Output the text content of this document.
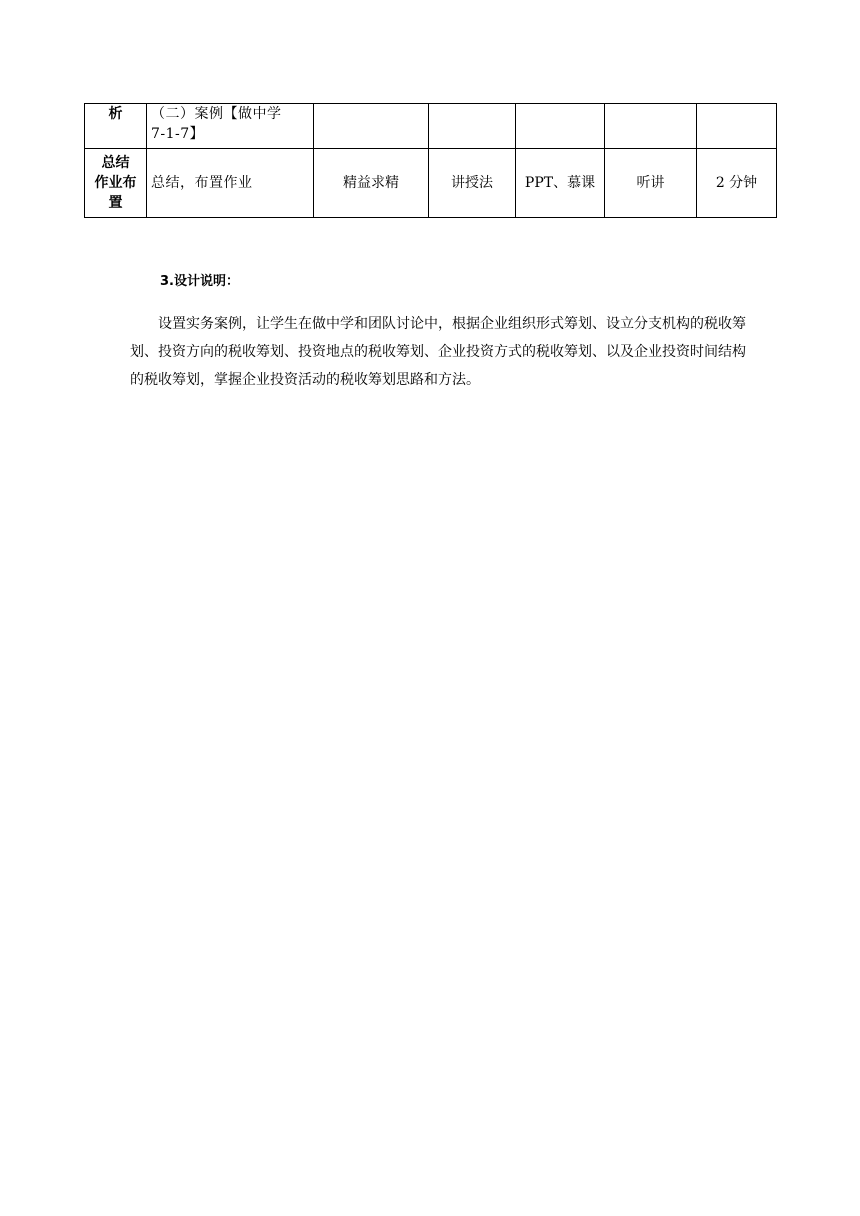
析	（二）案例【做中学
7-1-7】					

总结
作业布
置	总结，布置作业	精益求精	讲授法	PPT、慕课	听讲	2 分钟
3.设计说明：

设置实务案例，让学生在做中学和团队讨论中，根据企业组织形式筹划、设立分支机构的税收筹划、投资方向的税收筹划、投资地点的税收筹划、企业投资方式的税收筹划、以及企业投资时间结构的税收筹划，掌握企业投资活动的税收筹划思路和方法。
